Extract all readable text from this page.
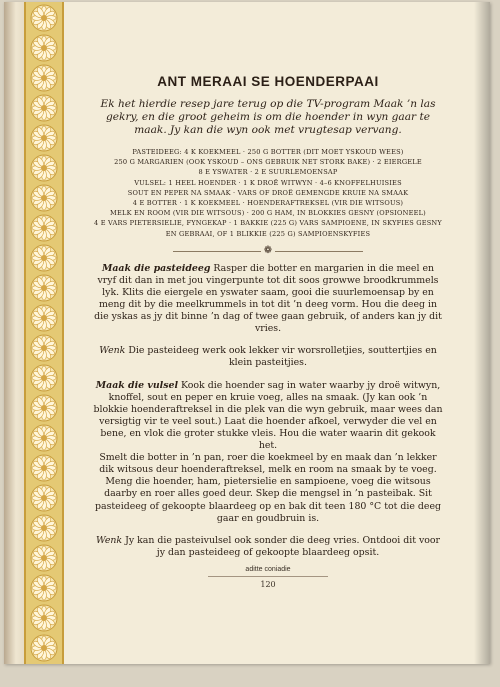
ANT MERAAI SE HOENDERPAAI

Ek het hierdie resep jare terug op die TV-program Maak ’n las gekry, en die groot geheim is om die hoender in wyn gaar te maak. Jy kan die wyn ook met vrugtesap vervang.

PASTEIDEEG: 4 K KOEKMEEL · 250 G BOTTER (DIT MOET YSKOUD WEES)
250 G MARGARIEN (OOK YSKOUD – ONS GEBRUIK NET STORK BAKE) · 2 EIERGELE
8 E YSWATER · 2 E SUURLEMOENSAP
VULSEL: 1 HEEL HOENDER · 1 K DROË WITWYN · 4–6 KNOFFELHUISIES
SOUT EN PEPER NA SMAAK · VARS OF DROË GEMENGDE KRUIE NA SMAAK
4 E BOTTER · 1 K KOEKMEEL · HOENDERAFTREKSEL (VIR DIE WITSOUS)
MELK EN ROOM (VIR DIE WITSOUS) · 200 G HAM, IN BLOKKIES GESNY (OPSIONEEL)
4 E VARS PIETERSIELIE, FYNGEKAP · 1 BAKKIE (225 G) VARS SAMPIOENE, IN SKYFIES GESNY
EN GEBRAAI, OF 1 BLIKKIE (225 G) SAMPIOENSKYFIES
❁

Maak die pasteideeg Rasper die botter en margarien in die meel en vryf dit dan in met jou vingerpunte tot dit soos growwe broodkrummels lyk. Klits die eiergele en yswater saam, gooi die suurlemoensap by en meng dit by die meelkrummels in tot dit ’n deeg vorm. Hou die deeg in die yskas as jy dit binne ’n dag of twee gaan gebruik, of anders kan jy dit vries.

Wenk Die pasteideeg werk ook lekker vir worsrolletjies, souttertjies en klein pasteitjies.

Maak die vulsel Kook die hoender sag in water waarby jy droë witwyn, knoffel, sout en peper en kruie voeg, alles na smaak. (Jy kan ook ’n blokkie hoenderaftreksel in die plek van die wyn gebruik, maar wees dan versigtig vir te veel sout.) Laat die hoender afkoel, verwyder die vel en bene, en vlok die groter stukke vleis. Hou die water waarin dit gekook het.

Smelt die botter in ’n pan, roer die koekmeel by en maak dan ’n lekker dik witsous deur hoenderaftreksel, melk en room na smaak by te voeg.

Meng die hoender, ham, pietersielie en sampioene, voeg die witsous daarby en roer alles goed deur. Skep die mengsel in ’n pasteibak. Sit pasteideeg of gekoopte blaardeeg op en bak dit teen 180 °C tot die deeg gaar en goudbruin is.

Wenk Jy kan die pasteivulsel ook sonder die deeg vries. Ontdooi dit voor jy dan pasteideeg of gekoopte blaardeeg opsit.

aditte coniadie
120
